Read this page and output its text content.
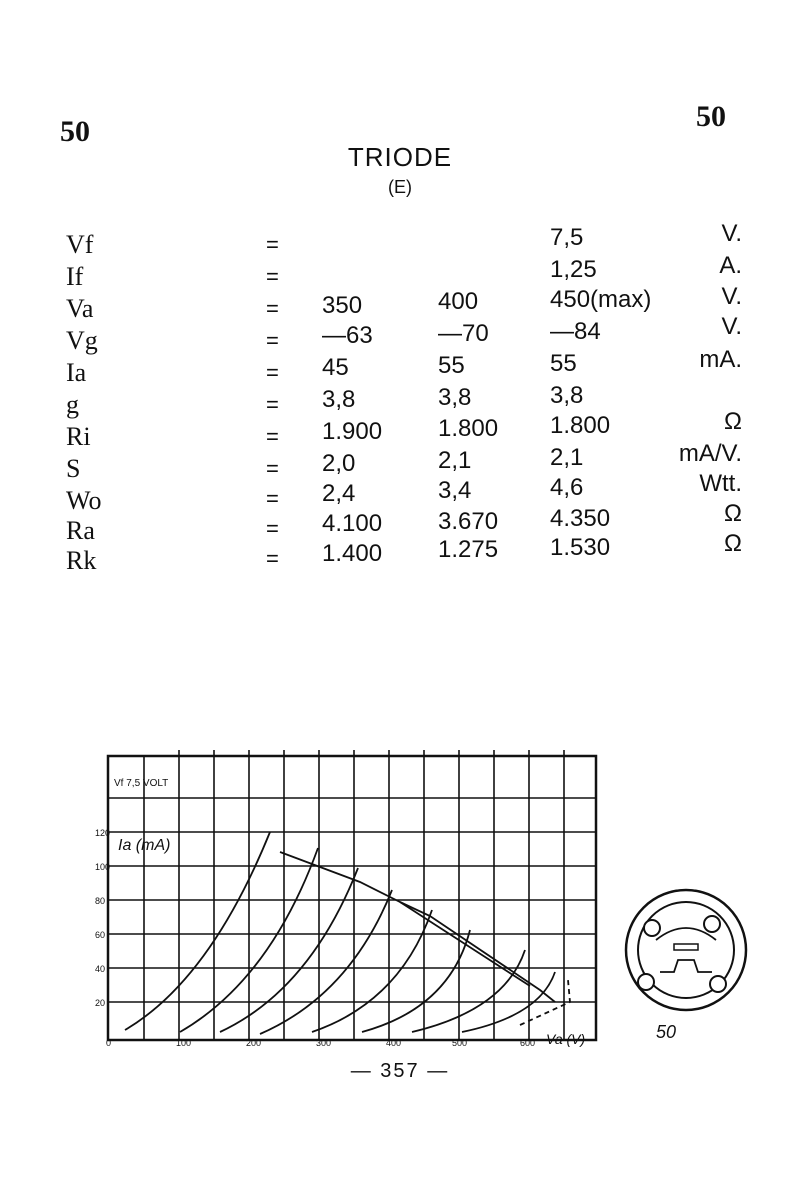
50	50
TRIODE
(E)
Vf	=	7,5	V.
If	=	1,25	A.
Va	= 350	400	450(max)	V.
Vg	= —63	—70	—84	V.
Ia	= 45	55	55	mA.
g	= 3,8	3,8	3,8
Ri	= 1.900 1.800 1.800	Ω
S	= 2,0	2,1	2,1	mA/V.
Wo	= 2,4	3,4	4,6	Wtt.
Ra	= 4.100 3.670 4.350	Ω
Rk	= 1.400 1.275 1.530	Ω
0	100	200	300	400	500	600
20
40
60
80
100
120
Vf 7,5 VOLT
Ia (mA)
Va (V)	50
— 357 —
